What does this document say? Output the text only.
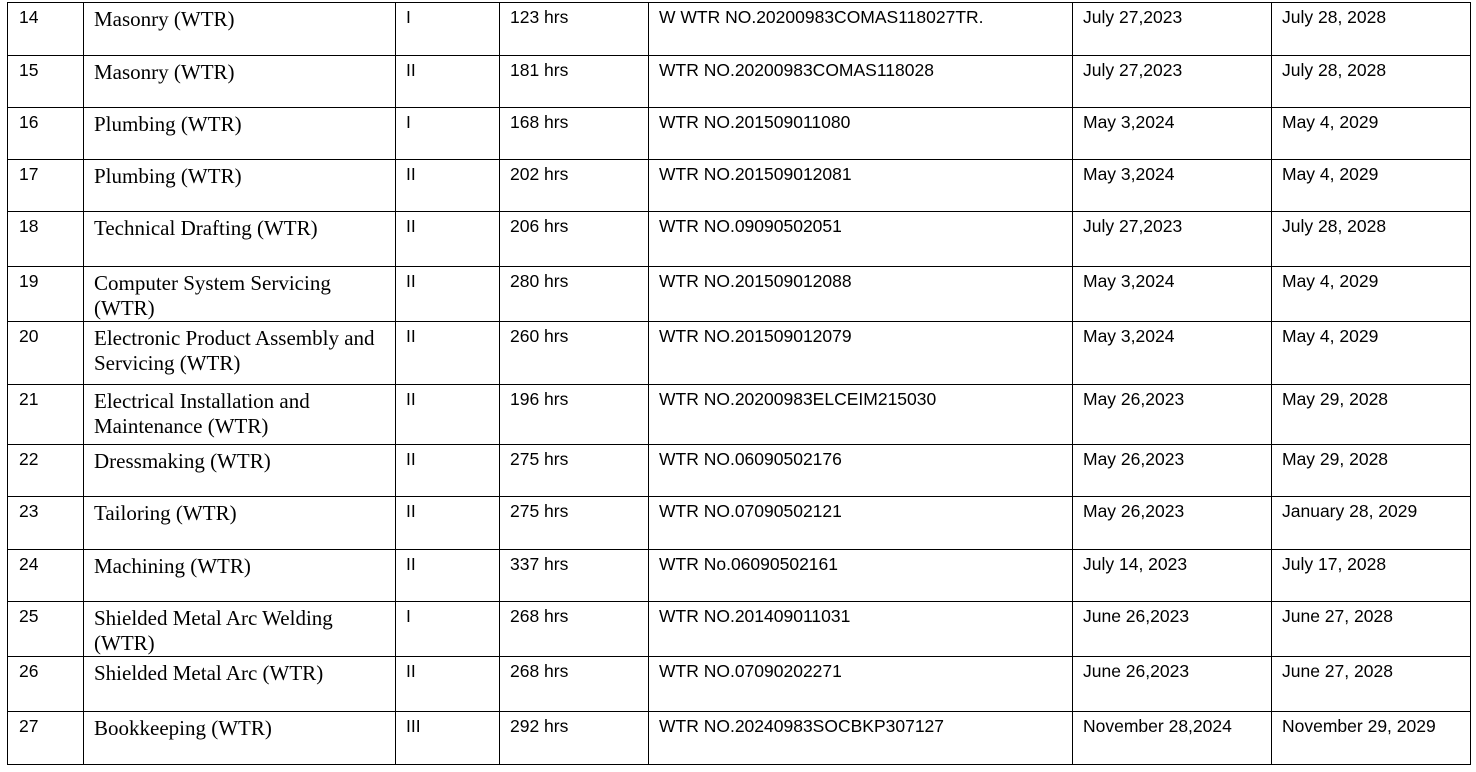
14	Masonry (WTR)	I	123 hrs	W WTR NO.20200983COMAS118027TR.	July 27,2023	July 28, 2028
15	Masonry (WTR)	II	181 hrs	WTR NO.20200983COMAS118028	July 27,2023	July 28, 2028
16	Plumbing (WTR)	I	168 hrs	WTR NO.201509011080	May 3,2024	May 4, 2029
17	Plumbing (WTR)	II	202 hrs	WTR NO.201509012081	May 3,2024	May 4, 2029
18	Technical Drafting (WTR)	II	206 hrs	WTR NO.09090502051	July 27,2023	July 28, 2028
19	Computer System Servicing (WTR)	II	280 hrs	WTR NO.201509012088	May 3,2024	May 4, 2029
20	Electronic Product Assembly and Servicing (WTR)	II	260 hrs	WTR NO.201509012079	May 3,2024	May 4, 2029
21	Electrical Installation and Maintenance (WTR)	II	196 hrs	WTR NO.20200983ELCEIM215030	May 26,2023	May 29, 2028
22	Dressmaking (WTR)	II	275 hrs	WTR NO.06090502176	May 26,2023	May 29, 2028
23	Tailoring (WTR)	II	275 hrs	WTR NO.07090502121	May 26,2023	January 28, 2029
24	Machining (WTR)	II	337 hrs	WTR No.06090502161	July 14, 2023	July 17, 2028
25	Shielded Metal Arc Welding (WTR)	I	268 hrs	WTR NO.201409011031	June 26,2023	June 27, 2028
26	Shielded Metal Arc (WTR)	II	268 hrs	WTR NO.07090202271	June 26,2023	June 27, 2028
27	Bookkeeping (WTR)	III	292 hrs	WTR NO.20240983SOCBKP307127	November 28,2024	November 29, 2029
